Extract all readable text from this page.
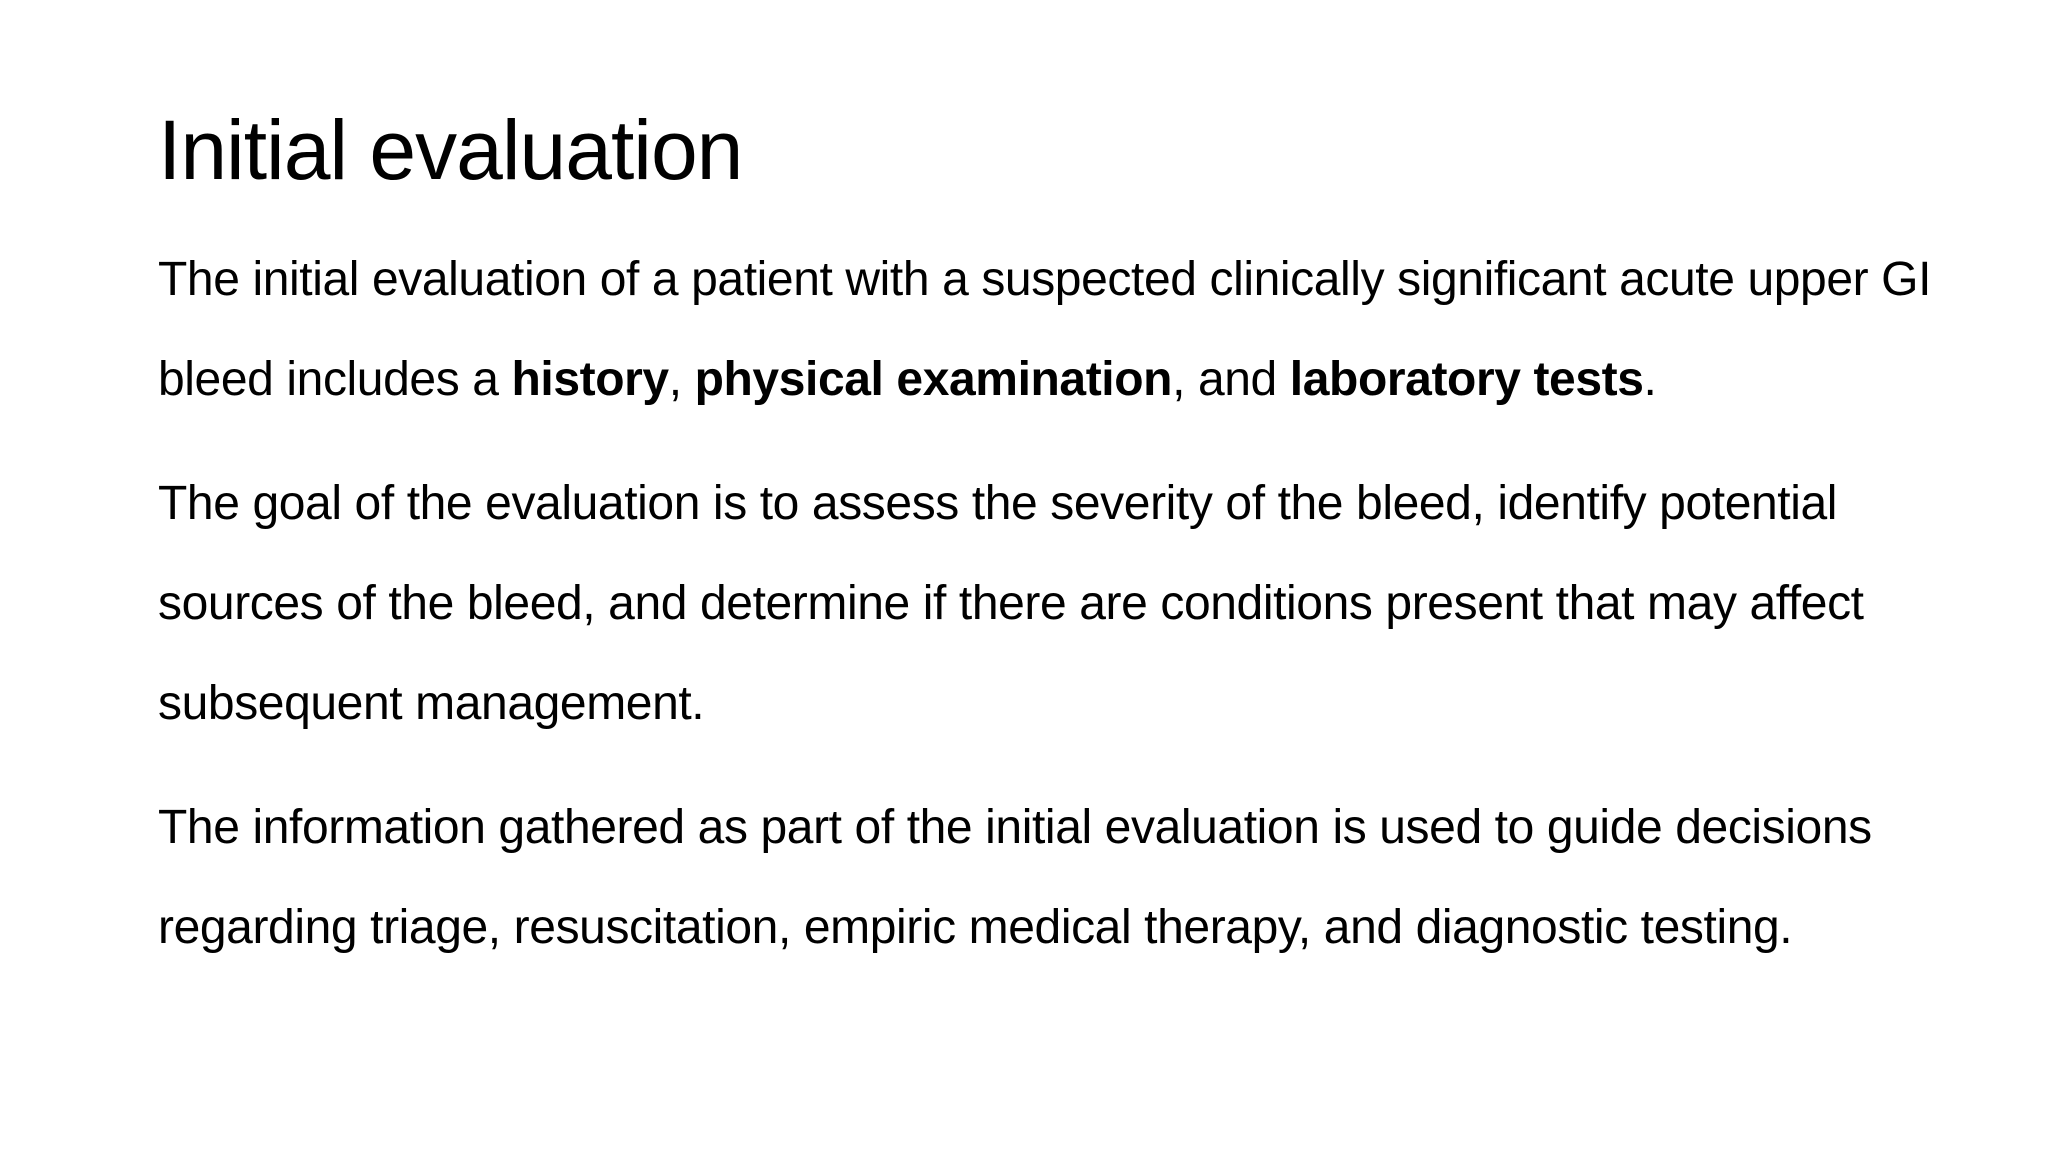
Initial evaluation

The initial evaluation of a patient with a suspected clinically significant acute upper GI bleed includes a history, physical examination, and laboratory tests.

The goal of the evaluation is to assess the severity of the bleed, identify potential sources of the bleed, and determine if there are conditions present that may affect subsequent management.

The information gathered as part of the initial evaluation is used to guide decisions regarding triage, resuscitation, empiric medical therapy, and diagnostic testing.
